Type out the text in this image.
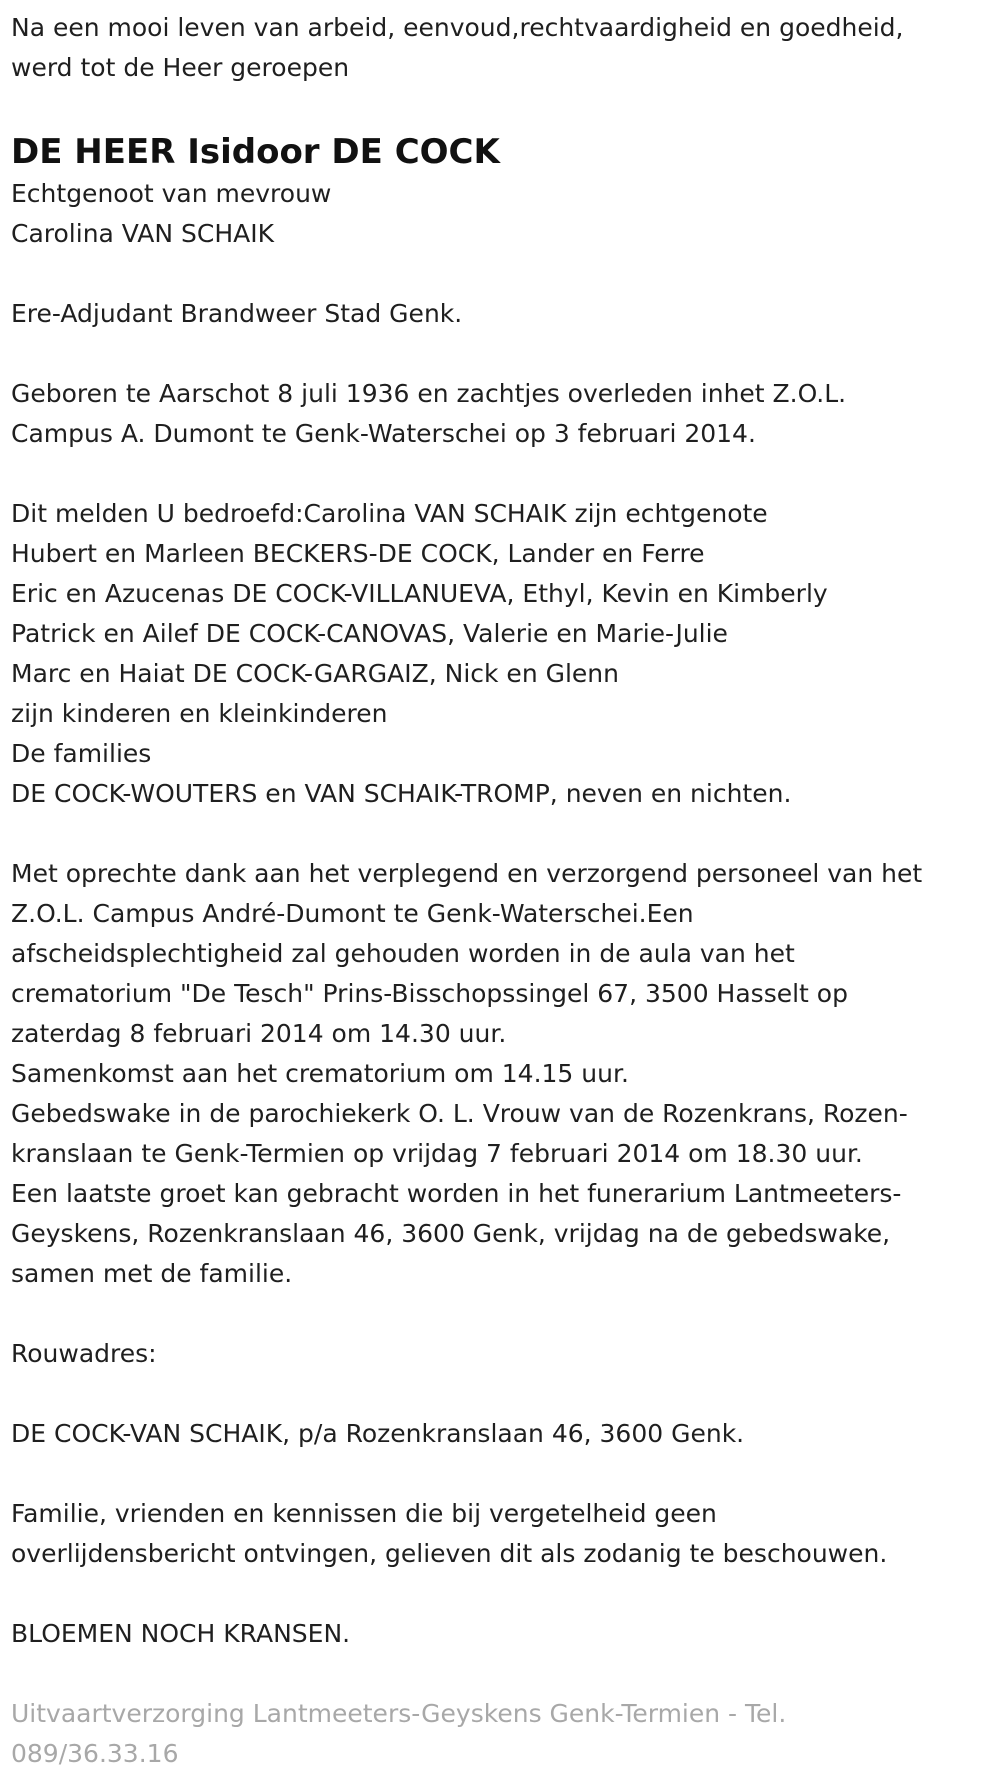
Na een mooi leven van arbeid, eenvoud,rechtvaardigheid en goedheid,

werd tot de Heer geroepen

DE HEER Isidoor DE COCK

Echtgenoot van mevrouw

Carolina VAN SCHAIK

Ere-Adjudant Brandweer Stad Genk.

Geboren te Aarschot 8 juli 1936 en zachtjes overleden inhet Z.O.L.

Campus A. Dumont te Genk-Waterschei op 3 februari 2014.

Dit melden U bedroefd:Carolina VAN SCHAIK zijn echtgenote

Hubert en Marleen BECKERS-DE COCK, Lander en Ferre

Eric en Azucenas DE COCK-VILLANUEVA, Ethyl, Kevin en Kimberly

Patrick en Ailef DE COCK-CANOVAS, Valerie en Marie-Julie

Marc en Haiat DE COCK-GARGAIZ, Nick en Glenn

zijn kinderen en kleinkinderen

De families

DE COCK-WOUTERS en VAN SCHAIK-TROMP, neven en nichten.

Met oprechte dank aan het verplegend en verzorgend personeel van het

Z.O.L. Campus André-Dumont te Genk-Waterschei.Een

afscheidsplechtigheid zal gehouden worden in de aula van het

crematorium "De Tesch" Prins-Bisschopssingel 67, 3500 Hasselt op

zaterdag 8 februari 2014 om 14.30 uur.

Samenkomst aan het crematorium om 14.15 uur.

Gebedswake in de parochiekerk O. L. Vrouw van de Rozenkrans, Rozen-

kranslaan te Genk-Termien op vrijdag 7 februari 2014 om 18.30 uur.

Een laatste groet kan gebracht worden in het funerarium Lantmeeters-

Geyskens, Rozenkranslaan 46, 3600 Genk, vrijdag na de gebedswake,

samen met de familie.

Rouwadres:

DE COCK-VAN SCHAIK, p/a Rozenkranslaan 46, 3600 Genk.

Familie, vrienden en kennissen die bij vergetelheid geen

overlijdensbericht ontvingen, gelieven dit als zodanig te beschouwen.

BLOEMEN NOCH KRANSEN.

Uitvaartverzorging Lantmeeters-Geyskens Genk-Termien - Tel.

089/36.33.16
